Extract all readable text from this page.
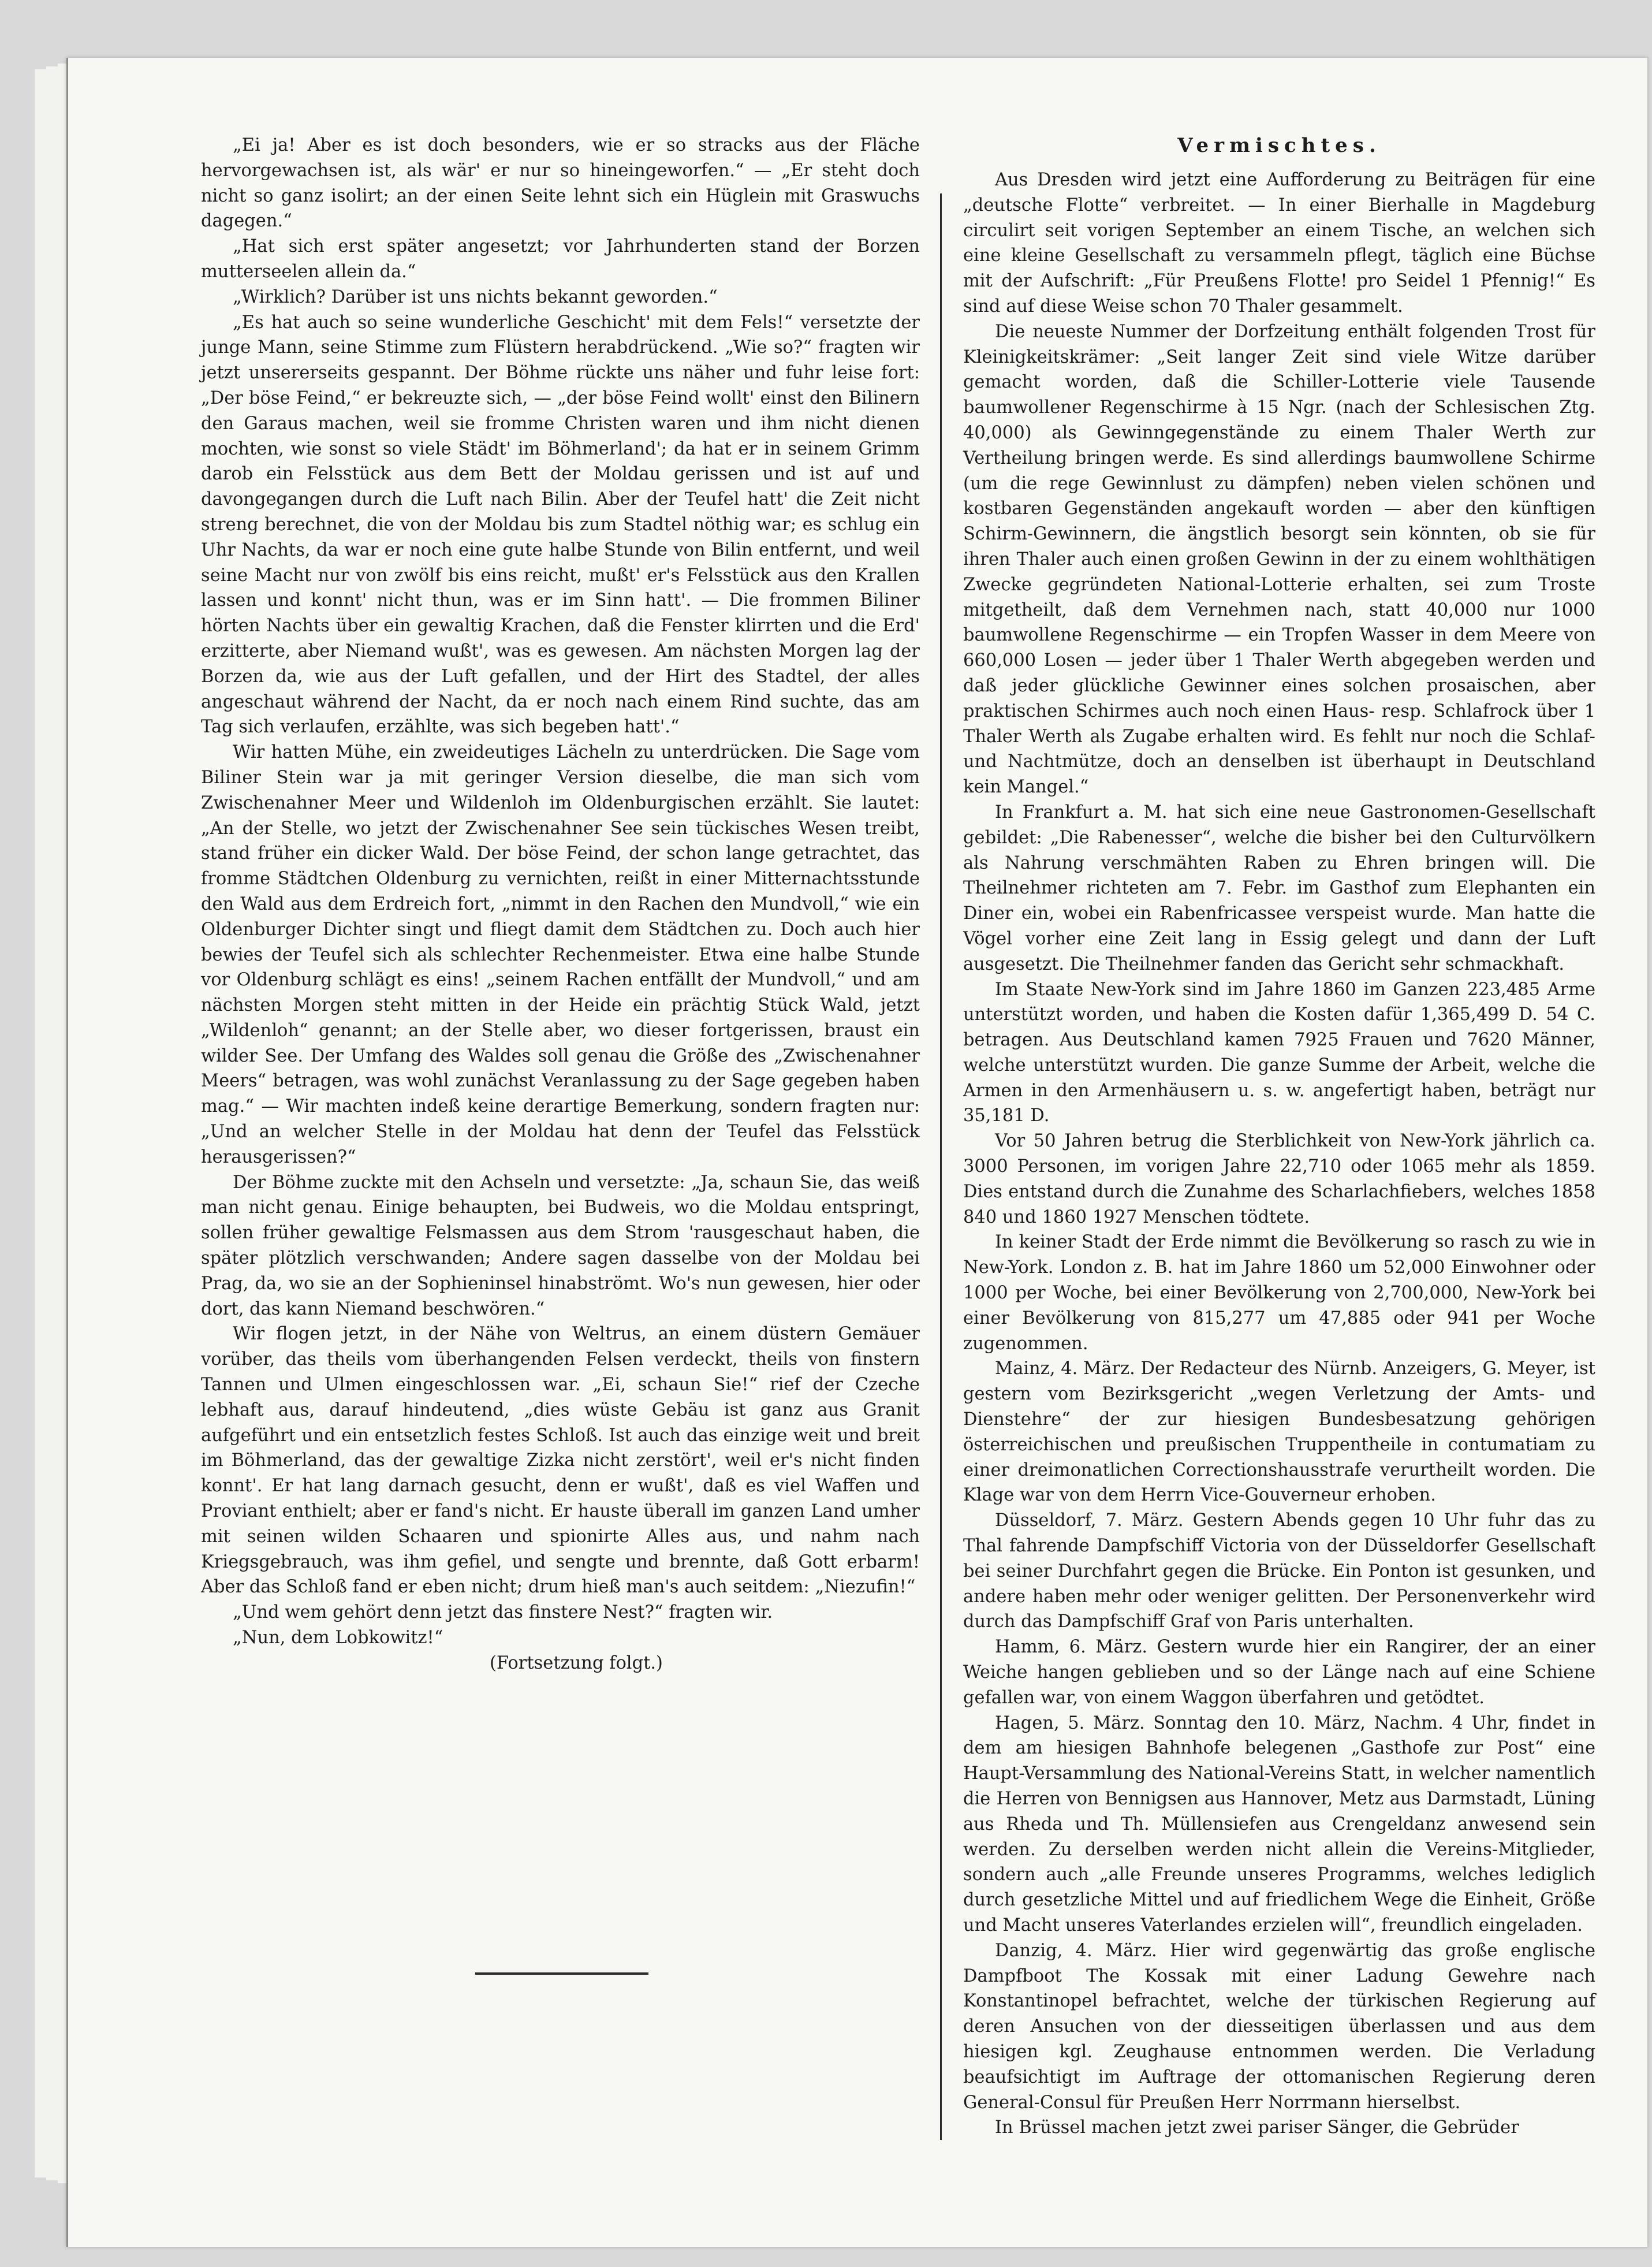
„Ei ja! Aber es ist doch besonders, wie er so stracks aus der Fläche hervorgewachsen ist, als wär' er nur so hineingeworfen.“ — „Er steht doch nicht so ganz isolirt; an der einen Seite lehnt sich ein Hüglein mit Graswuchs dagegen.“

„Hat sich erst später angesetzt; vor Jahrhunderten stand der Borzen mutterseelen allein da.“

„Wirklich? Darüber ist uns nichts bekannt geworden.“

„Es hat auch so seine wunderliche Geschicht' mit dem Fels!“ versetzte der junge Mann, seine Stimme zum Flüstern herabdrückend. „Wie so?“ fragten wir jetzt unsererseits gespannt. Der Böhme rückte uns näher und fuhr leise fort: „Der böse Feind,“ er bekreuzte sich, — „der böse Feind wollt' einst den Bilinern den Garaus machen, weil sie fromme Christen waren und ihm nicht dienen mochten, wie sonst so viele Städt' im Böhmerland'; da hat er in seinem Grimm darob ein Felsstück aus dem Bett der Moldau gerissen und ist auf und davongegangen durch die Luft nach Bilin. Aber der Teufel hatt' die Zeit nicht streng berechnet, die von der Moldau bis zum Stadtel nöthig war; es schlug ein Uhr Nachts, da war er noch eine gute halbe Stunde von Bilin entfernt, und weil seine Macht nur von zwölf bis eins reicht, mußt' er's Felsstück aus den Krallen lassen und konnt' nicht thun, was er im Sinn hatt'. — Die frommen Biliner hörten Nachts über ein gewaltig Krachen, daß die Fenster klirrten und die Erd' erzitterte, aber Niemand wußt', was es gewesen. Am nächsten Morgen lag der Borzen da, wie aus der Luft gefallen, und der Hirt des Stadtel, der alles angeschaut während der Nacht, da er noch nach einem Rind suchte, das am Tag sich verlaufen, erzählte, was sich begeben hatt'.“

Wir hatten Mühe, ein zweideutiges Lächeln zu unterdrücken. Die Sage vom Biliner Stein war ja mit geringer Version dieselbe, die man sich vom Zwischenahner Meer und Wildenloh im Oldenburgischen erzählt. Sie lautet: „An der Stelle, wo jetzt der Zwischenahner See sein tückisches Wesen treibt, stand früher ein dicker Wald. Der böse Feind, der schon lange getrachtet, das fromme Städtchen Oldenburg zu vernichten, reißt in einer Mitternachtsstunde den Wald aus dem Erdreich fort, „nimmt in den Rachen den Mundvoll,“ wie ein Oldenburger Dichter singt und fliegt damit dem Städtchen zu. Doch auch hier bewies der Teufel sich als schlechter Rechenmeister. Etwa eine halbe Stunde vor Oldenburg schlägt es eins! „seinem Rachen entfällt der Mundvoll,“ und am nächsten Morgen steht mitten in der Heide ein prächtig Stück Wald, jetzt „Wildenloh“ genannt; an der Stelle aber, wo dieser fortgerissen, braust ein wilder See. Der Umfang des Waldes soll genau die Größe des „Zwischenahner Meers“ betragen, was wohl zunächst Veranlassung zu der Sage gegeben haben mag.“ — Wir machten indeß keine derartige Bemerkung, sondern fragten nur: „Und an welcher Stelle in der Moldau hat denn der Teufel das Felsstück herausgerissen?“

Der Böhme zuckte mit den Achseln und versetzte: „Ja, schaun Sie, das weiß man nicht genau. Einige behaupten, bei Budweis, wo die Moldau entspringt, sollen früher gewaltige Felsmassen aus dem Strom 'rausgeschaut haben, die später plötzlich verschwanden; Andere sagen dasselbe von der Moldau bei Prag, da, wo sie an der Sophieninsel hinabströmt. Wo's nun gewesen, hier oder dort, das kann Niemand beschwören.“

Wir flogen jetzt, in der Nähe von Weltrus, an einem düstern Gemäuer vorüber, das theils vom überhangenden Felsen verdeckt, theils von finstern Tannen und Ulmen eingeschlossen war. „Ei, schaun Sie!“ rief der Czeche lebhaft aus, darauf hindeutend, „dies wüste Gebäu ist ganz aus Granit aufgeführt und ein entsetzlich festes Schloß. Ist auch das einzige weit und breit im Böhmerland, das der gewaltige Zizka nicht zerstört', weil er's nicht finden konnt'. Er hat lang darnach gesucht, denn er wußt', daß es viel Waffen und Proviant enthielt; aber er fand's nicht. Er hauste überall im ganzen Land umher mit seinen wilden Schaaren und spionirte Alles aus, und nahm nach Kriegsgebrauch, was ihm gefiel, und sengte und brennte, daß Gott erbarm! Aber das Schloß fand er eben nicht; drum hieß man's auch seitdem: „Niezufin!“

„Und wem gehört denn jetzt das finstere Nest?“ fragten wir.

„Nun, dem Lobkowitz!“

(Fortsetzung folgt.)

Vermischtes.

Aus Dresden wird jetzt eine Aufforderung zu Beiträgen für eine „deutsche Flotte“ verbreitet. — In einer Bierhalle in Magdeburg circulirt seit vorigen September an einem Tische, an welchen sich eine kleine Gesellschaft zu versammeln pflegt, täglich eine Büchse mit der Aufschrift: „Für Preußens Flotte! pro Seidel 1 Pfennig!“ Es sind auf diese Weise schon 70 Thaler gesammelt.

Die neueste Nummer der Dorfzeitung enthält folgenden Trost für Kleinigkeitskrämer: „Seit langer Zeit sind viele Witze darüber gemacht worden, daß die Schiller-Lotterie viele Tausende baumwollener Regenschirme à 15 Ngr. (nach der Schlesischen Ztg. 40,000) als Gewinngegenstände zu einem Thaler Werth zur Vertheilung bringen werde. Es sind allerdings baumwollene Schirme (um die rege Gewinnlust zu dämpfen) neben vielen schönen und kostbaren Gegenständen angekauft worden — aber den künftigen Schirm-Gewinnern, die ängstlich besorgt sein könnten, ob sie für ihren Thaler auch einen großen Gewinn in der zu einem wohlthätigen Zwecke gegründeten National-Lotterie erhalten, sei zum Troste mitgetheilt, daß dem Vernehmen nach, statt 40,000 nur 1000 baumwollene Regenschirme — ein Tropfen Wasser in dem Meere von 660,000 Losen — jeder über 1 Thaler Werth abgegeben werden und daß jeder glückliche Gewinner eines solchen prosaischen, aber praktischen Schirmes auch noch einen Haus- resp. Schlafrock über 1 Thaler Werth als Zugabe erhalten wird. Es fehlt nur noch die Schlaf- und Nachtmütze, doch an denselben ist überhaupt in Deutschland kein Mangel.“

In Frankfurt a. M. hat sich eine neue Gastronomen-Gesellschaft gebildet: „Die Rabenesser“, welche die bisher bei den Culturvölkern als Nahrung verschmähten Raben zu Ehren bringen will. Die Theilnehmer richteten am 7. Febr. im Gasthof zum Elephanten ein Diner ein, wobei ein Rabenfricassee verspeist wurde. Man hatte die Vögel vorher eine Zeit lang in Essig gelegt und dann der Luft ausgesetzt. Die Theilnehmer fanden das Gericht sehr schmackhaft.

Im Staate New-York sind im Jahre 1860 im Ganzen 223,485 Arme unterstützt worden, und haben die Kosten dafür 1,365,499 D. 54 C. betragen. Aus Deutschland kamen 7925 Frauen und 7620 Männer, welche unterstützt wurden. Die ganze Summe der Arbeit, welche die Armen in den Armenhäusern u. s. w. angefertigt haben, beträgt nur 35,181 D.

Vor 50 Jahren betrug die Sterblichkeit von New-York jährlich ca. 3000 Personen, im vorigen Jahre 22,710 oder 1065 mehr als 1859. Dies entstand durch die Zunahme des Scharlachfiebers, welches 1858 840 und 1860 1927 Menschen tödtete.

In keiner Stadt der Erde nimmt die Bevölkerung so rasch zu wie in New-York. London z. B. hat im Jahre 1860 um 52,000 Einwohner oder 1000 per Woche, bei einer Bevölkerung von 2,700,000, New-York bei einer Bevölkerung von 815,277 um 47,885 oder 941 per Woche zugenommen.

Mainz, 4. März. Der Redacteur des Nürnb. Anzeigers, G. Meyer, ist gestern vom Bezirksgericht „wegen Verletzung der Amts- und Dienstehre“ der zur hiesigen Bundesbesatzung gehörigen österreichischen und preußischen Truppentheile in contumatiam zu einer dreimonatlichen Correctionshausstrafe verurtheilt worden. Die Klage war von dem Herrn Vice-Gouverneur erhoben.

Düsseldorf, 7. März. Gestern Abends gegen 10 Uhr fuhr das zu Thal fahrende Dampfschiff Victoria von der Düsseldorfer Gesellschaft bei seiner Durchfahrt gegen die Brücke. Ein Ponton ist gesunken, und andere haben mehr oder weniger gelitten. Der Personenverkehr wird durch das Dampfschiff Graf von Paris unterhalten.

Hamm, 6. März. Gestern wurde hier ein Rangirer, der an einer Weiche hangen geblieben und so der Länge nach auf eine Schiene gefallen war, von einem Waggon überfahren und getödtet.

Hagen, 5. März. Sonntag den 10. März, Nachm. 4 Uhr, findet in dem am hiesigen Bahnhofe belegenen „Gasthofe zur Post“ eine Haupt-Versammlung des National-Vereins Statt, in welcher namentlich die Herren von Bennigsen aus Hannover, Metz aus Darmstadt, Lüning aus Rheda und Th. Müllensiefen aus Crengeldanz anwesend sein werden. Zu derselben werden nicht allein die Vereins-Mitglieder, sondern auch „alle Freunde unseres Programms, welches lediglich durch gesetzliche Mittel und auf friedlichem Wege die Einheit, Größe und Macht unseres Vaterlandes erzielen will“, freundlich eingeladen.

Danzig, 4. März. Hier wird gegenwärtig das große englische Dampfboot The Kossak mit einer Ladung Gewehre nach Konstantinopel befrachtet, welche der türkischen Regierung auf deren Ansuchen von der diesseitigen überlassen und aus dem hiesigen kgl. Zeughause entnommen werden. Die Verladung beaufsichtigt im Auftrage der ottomanischen Regierung deren General-Consul für Preußen Herr Norrmann hierselbst.

In Brüssel machen jetzt zwei pariser Sänger, die Gebrüder
